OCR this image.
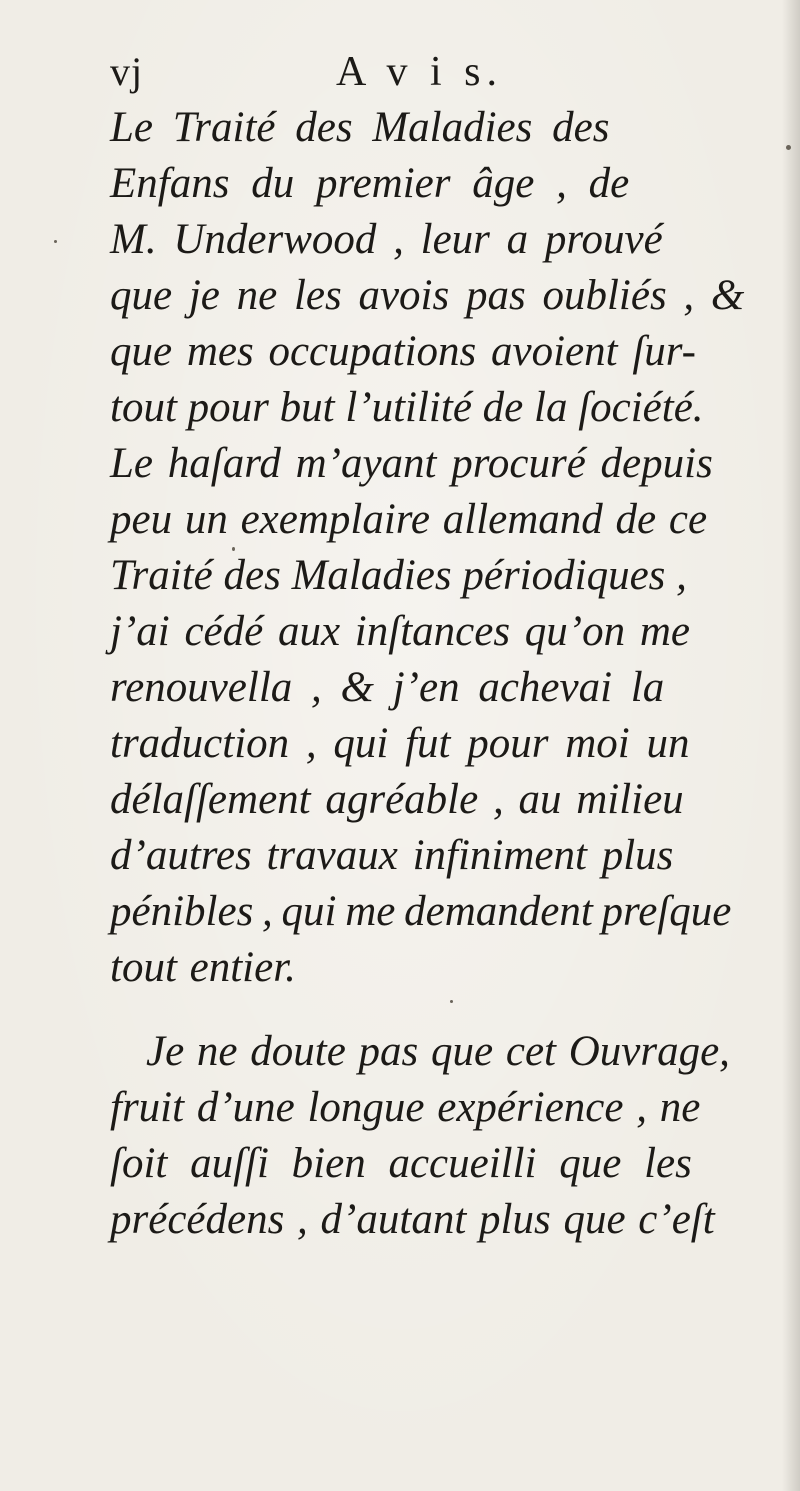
vj	A v i s.
Le Traité des Maladies des
Enfans du premier âge , de
M. Underwood , leur a prouvé
que je ne les avois pas oubliés , &
que mes occupations avoient ſur-
tout pour but l’utilité de la ſociété.
Le haſard m’ayant procuré depuis
peu un exemplaire allemand de ce
Traité des Maladies périodiques ,
j’ai cédé aux inſtances qu’on me
renouvella , & j’en achevai la
traduction , qui fut pour moi un
délaſſement agréable , au milieu
d’autres travaux infiniment plus
pénibles , qui me demandent preſque
tout entier.
Je ne doute pas que cet Ouvrage,
fruit d’une longue expérience , ne
ſoit auſſi bien accueilli que les
précédens , d’autant plus que c’eſt
